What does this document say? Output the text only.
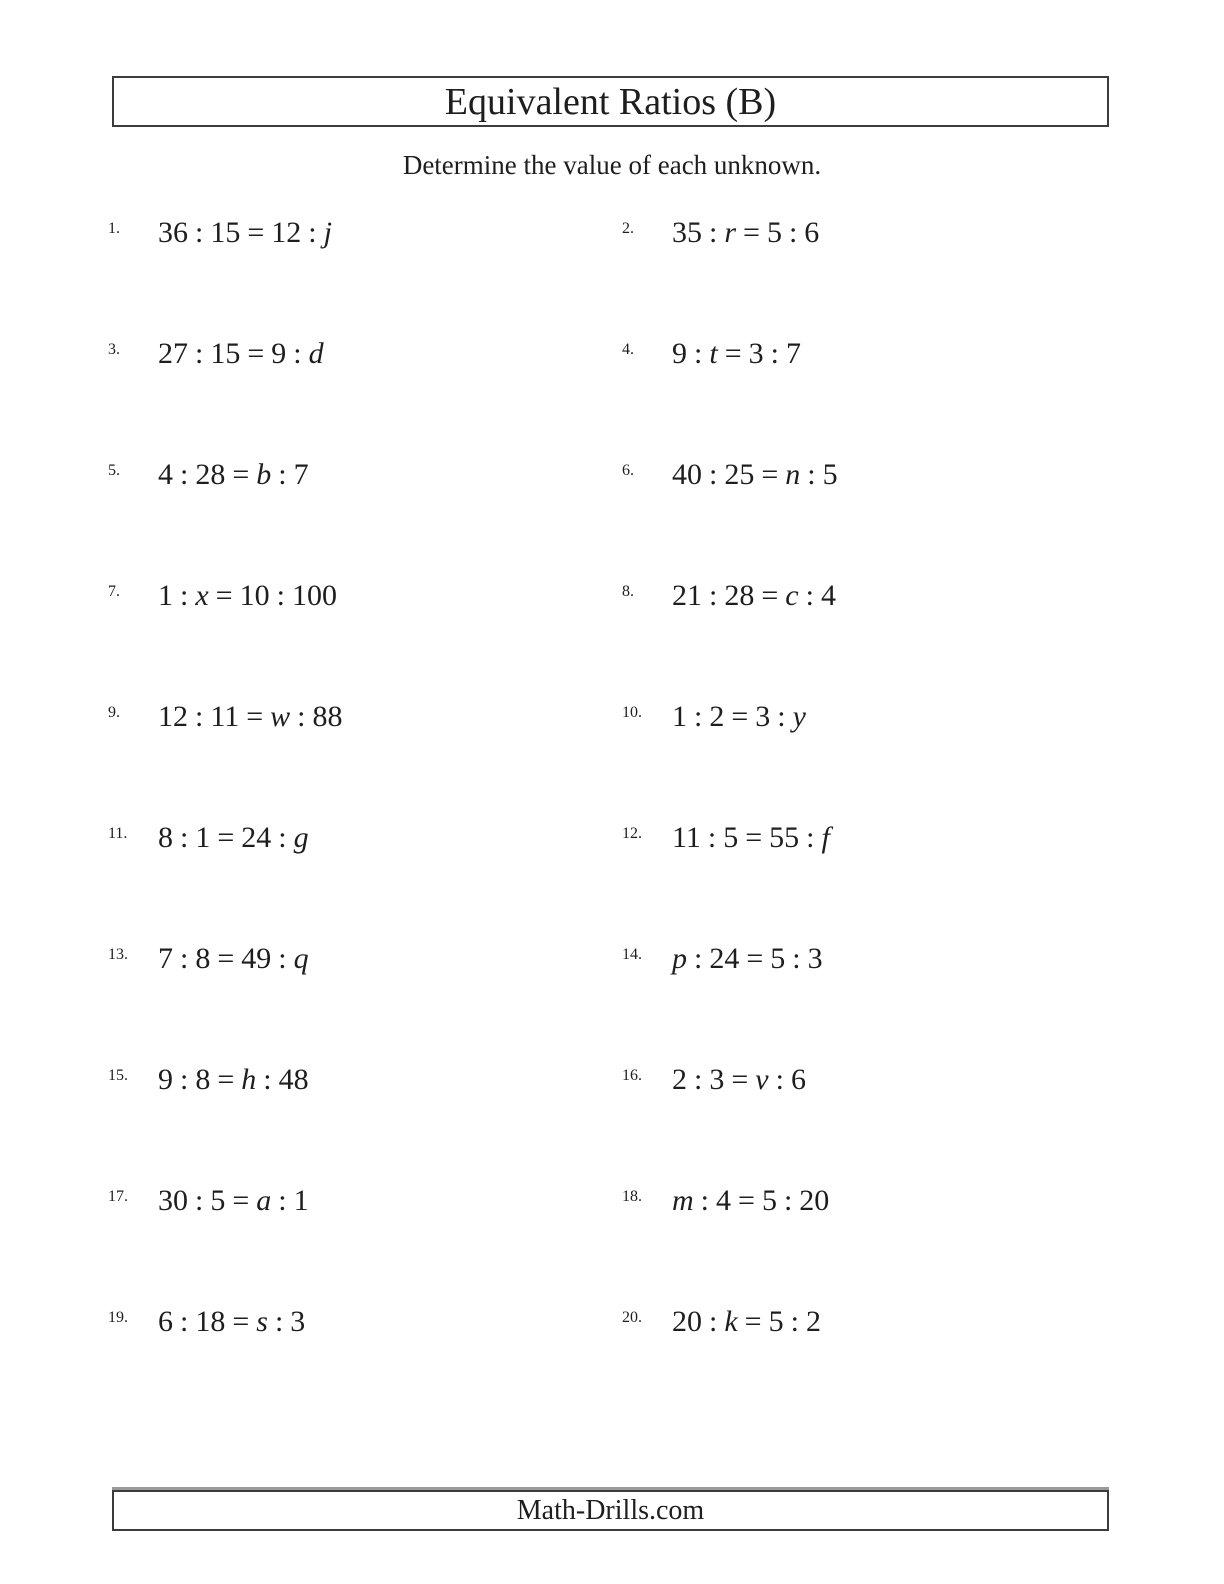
Equivalent Ratios (B)
Determine the value of each unknown.
1.	36 : 15 = 12 : j	2.	35 : r = 5 : 6
3.	27 : 15 = 9 : d	4.	9 : t = 3 : 7
5.	4 : 28 = b : 7	6.	40 : 25 = n : 5
7.	1 : x = 10 : 100	8.	21 : 28 = c : 4
9.	12 : 11 = w : 88	10.	1 : 2 = 3 : y
11.	8 : 1 = 24 : g	12.	11 : 5 = 55 : f
13.	7 : 8 = 49 : q	14.	p : 24 = 5 : 3
15.	9 : 8 = h : 48	16.	2 : 3 = v : 6
17.	30 : 5 = a : 1	18.	m : 4 = 5 : 20
19.	6 : 18 = s : 3	20.	20 : k = 5 : 2
Math-Drills.com
